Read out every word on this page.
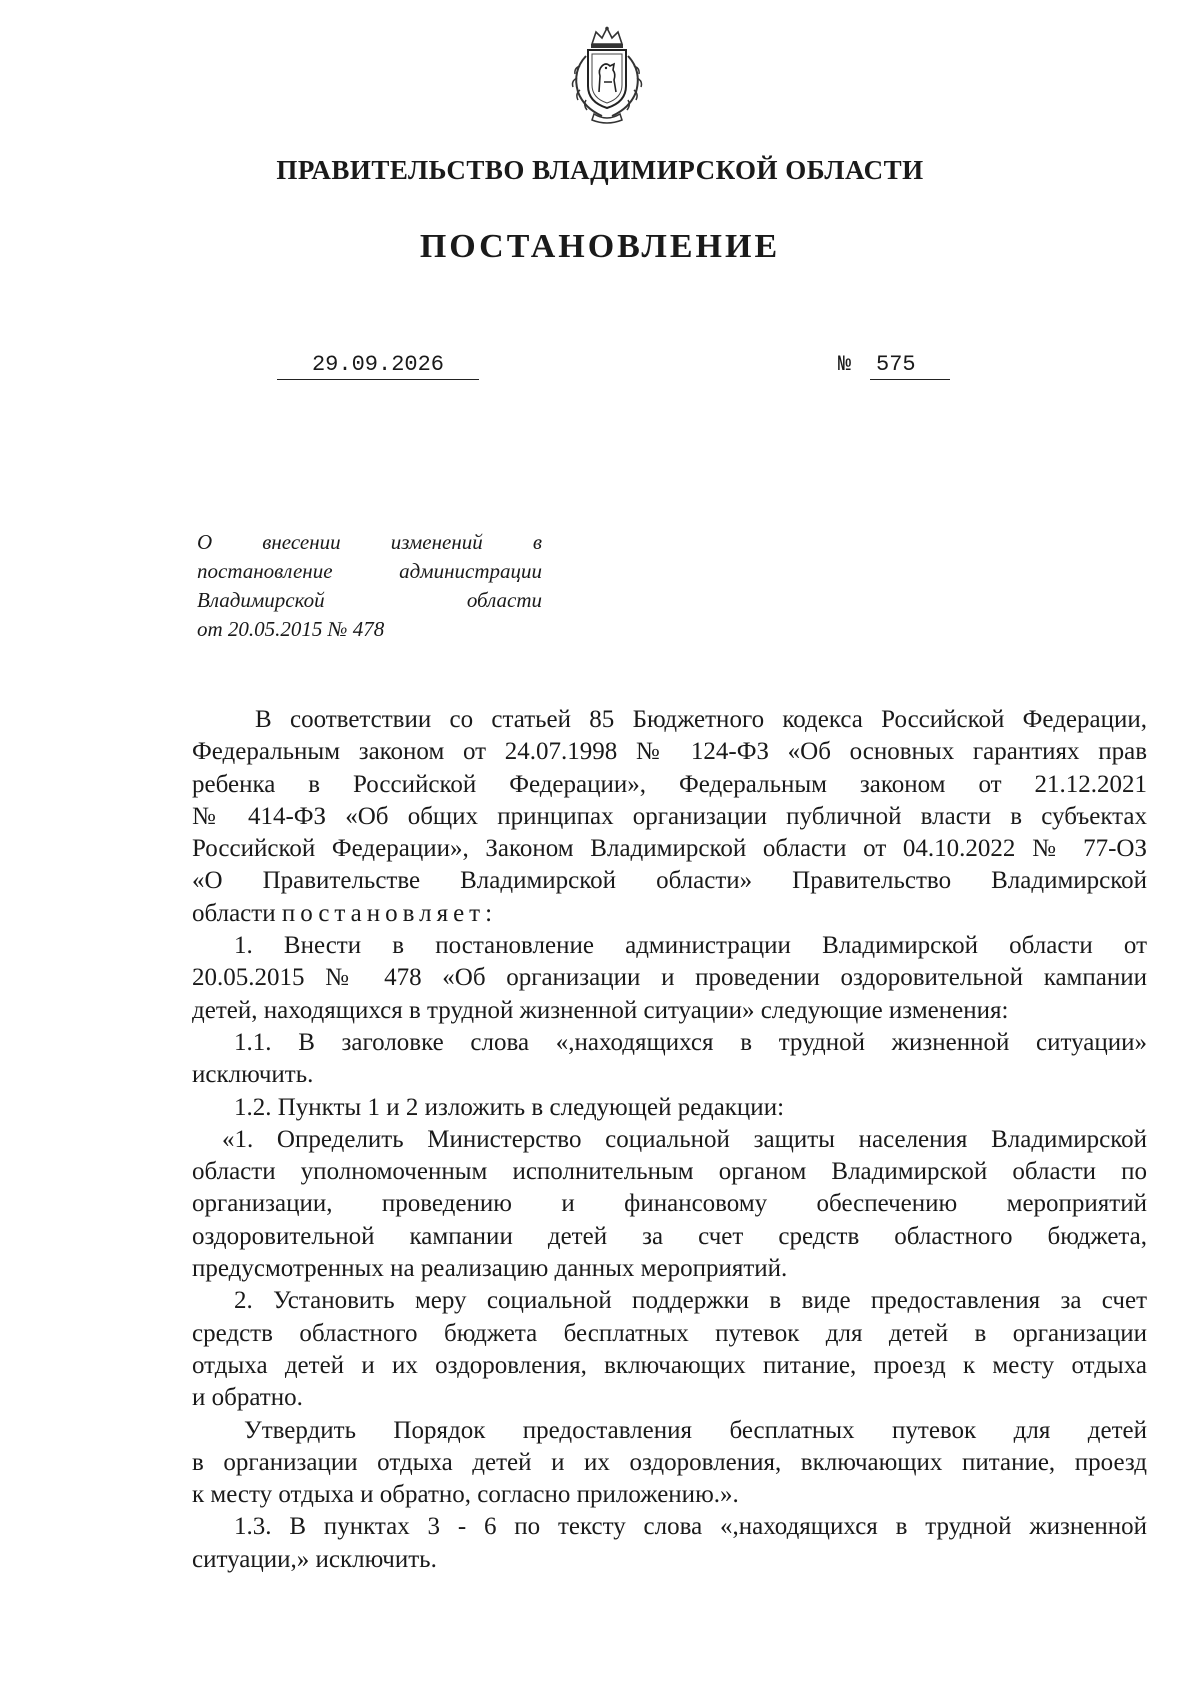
ПРАВИТЕЛЬСТВО ВЛАДИМИРСКОЙ ОБЛАСТИ
ПОСТАНОВЛЕНИЕ
29.09.2026	№ 575
О внесении изменений в
постановление администрации
Владимирской области
от 20.05.2015 № 478
В соответствии со статьей 85 Бюджетного кодекса Российской Федерации,
Федеральным законом от 24.07.1998 № 124-ФЗ «Об основных гарантиях прав
ребенка в Российской Федерации», Федеральным законом от 21.12.2021
№ 414-ФЗ «Об общих принципах организации публичной власти в субъектах
Российской Федерации», Законом Владимирской области от 04.10.2022 № 77-ОЗ
«О Правительстве Владимирской области» Правительство Владимирской
области постановляет:
1. Внести в постановление администрации Владимирской области от
20.05.2015 № 478 «Об организации и проведении оздоровительной кампании
детей, находящихся в трудной жизненной ситуации» следующие изменения:
1.1. В заголовке слова «,находящихся в трудной жизненной ситуации»
исключить.
1.2. Пункты 1 и 2 изложить в следующей редакции:
«1. Определить Министерство социальной защиты населения Владимирской
области уполномоченным исполнительным органом Владимирской области по
организации, проведению и финансовому обеспечению мероприятий
оздоровительной кампании детей за счет средств областного бюджета,
предусмотренных на реализацию данных мероприятий.
2. Установить меру социальной поддержки в виде предоставления за счет
средств областного бюджета бесплатных путевок для детей в организации
отдыха детей и их оздоровления, включающих питание, проезд к месту отдыха
и обратно.
Утвердить Порядок предоставления бесплатных путевок для детей
в организации отдыха детей и их оздоровления, включающих питание, проезд
к месту отдыха и обратно, согласно приложению.».
1.3. В пунктах 3 - 6 по тексту слова «,находящихся в трудной жизненной
ситуации,» исключить.
